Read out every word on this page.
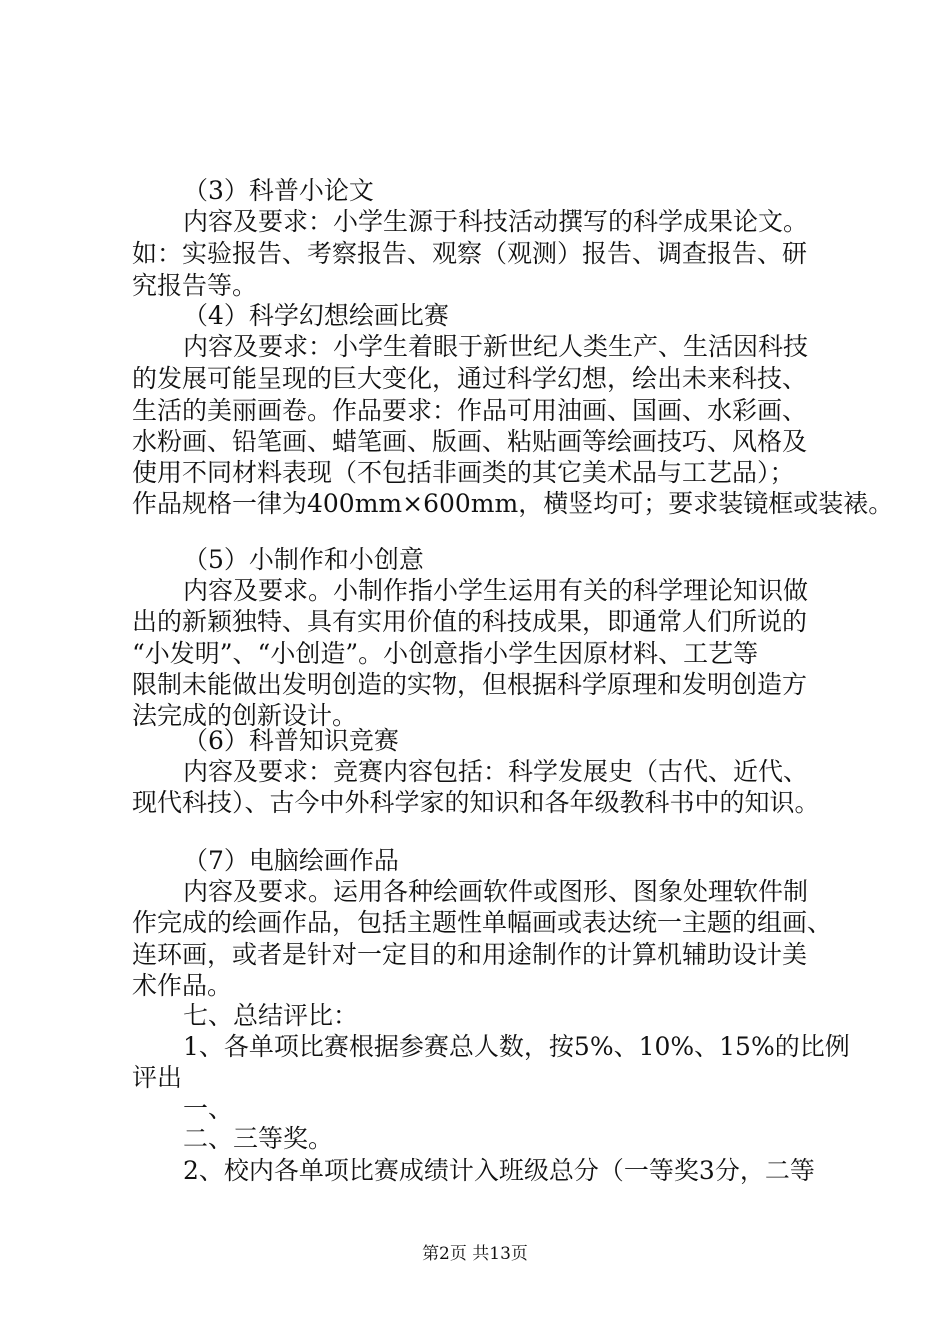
（3）科普小论文
内容及要求：小学生源于科技活动撰写的科学成果论文。
如：实验报告、考察报告、观察（观测）报告、调查报告、研
究报告等。
（4）科学幻想绘画比赛
内容及要求：小学生着眼于新世纪人类生产、生活因科技
的发展可能呈现的巨大变化，通过科学幻想，绘出未来科技、
生活的美丽画卷。作品要求：作品可用油画、国画、水彩画、
水粉画、铅笔画、蜡笔画、版画、粘贴画等绘画技巧、风格及
使用不同材料表现（不包括非画类的其它美术品与工艺品）；
作品规格一律为400mm×600mm，横竖均可；要求装镜框或装裱。
（5）小制作和小创意
内容及要求。小制作指小学生运用有关的科学理论知识做
出的新颖独特、具有实用价值的科技成果，即通常人们所说的
“小发明”、“小创造”。小创意指小学生因原材料、工艺等
限制未能做出发明创造的实物，但根据科学原理和发明创造方
法完成的创新设计。
（6）科普知识竞赛
内容及要求：竞赛内容包括：科学发展史（古代、近代、
现代科技）、古今中外科学家的知识和各年级教科书中的知识。
（7）电脑绘画作品
内容及要求。运用各种绘画软件或图形、图象处理软件制
作完成的绘画作品，包括主题性单幅画或表达统一主题的组画、
连环画，或者是针对一定目的和用途制作的计算机辅助设计美
术作品。
七、总结评比：
1、各单项比赛根据参赛总人数，按5%、10%、15%的比例
评出
一、
二、三等奖。
2、校内各单项比赛成绩计入班级总分（一等奖3分，二等
第2页 共13页
